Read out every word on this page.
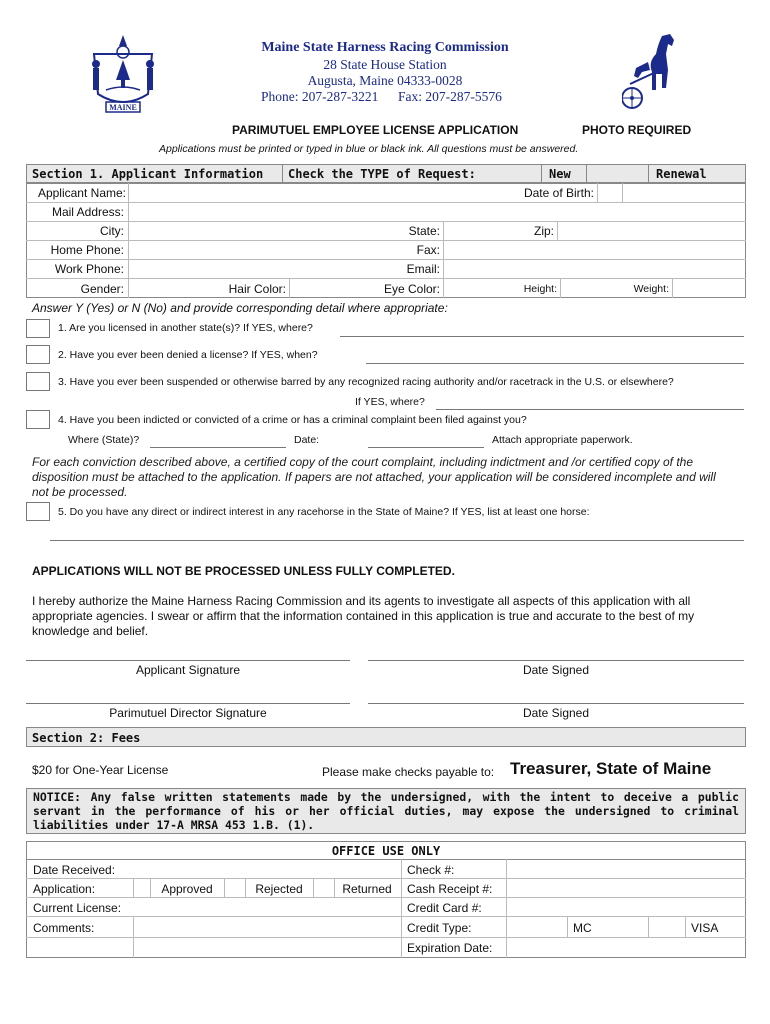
MAINE
Maine State Harness Racing Commission
28 State House Station
Augusta, Maine 04333-0028
Phone: 207-287-3221 Fax: 207-287-5576
PARIMUTUEL EMPLOYEE LICENSE APPLICATION	PHOTO REQUIRED
Applications must be printed or typed in blue or black ink. All questions must be answered.
Section 1. Applicant Information Check the TYPE of Request:	New	Renewal
Applicant Name:	Date of Birth:
Mail Address:
City:	State:	Zip:
Home Phone:	Fax:
Work Phone:	Email:
Gender:	Hair Color:	Eye Color:	Height:	Weight:
Answer Y (Yes) or N (No) and provide corresponding detail where appropriate:
1. Are you licensed in another state(s)? If YES, where?
2. Have you ever been denied a license? If YES, when?
3. Have you ever been suspended or otherwise barred by any recognized racing authority and/or racetrack in the U.S. or elsewhere?
If YES, where?
4. Have you been indicted or convicted of a crime or has a criminal complaint been filed against you?
Where (State)?	Date:	Attach appropriate paperwork.
For each conviction described above, a certified copy of the court complaint, including indictment and /or certified copy of the disposition must be attached to the application. If papers are not attached, your application will be considered incomplete and will not be processed.
5. Do you have any direct or indirect interest in any racehorse in the State of Maine? If YES, list at least one horse:
APPLICATIONS WILL NOT BE PROCESSED UNLESS FULLY COMPLETED.
I hereby authorize the Maine Harness Racing Commission and its agents to investigate all aspects of this application with all appropriate agencies. I swear or affirm that the information contained in this application is true and accurate to the best of my knowledge and belief.
Applicant Signature	Date Signed
Parimutuel Director Signature	Date Signed
Section 2: Fees
$20 for One-Year License	Please make checks payable to: Treasurer, State of Maine
NOTICE: Any false written statements made by the undersigned, with the intent to deceive a public servant in the performance of his or her official duties, may expose the undersigned to criminal liabilities under 17-A MRSA 453 1.B. (1).
OFFICE USE ONLY
Date Received:	Check #:
Application:	Approved	Rejected	Returned	Cash Receipt #:
Current License:	Credit Card #:
Comments:	Credit Type:	MC	VISA
Expiration Date:
